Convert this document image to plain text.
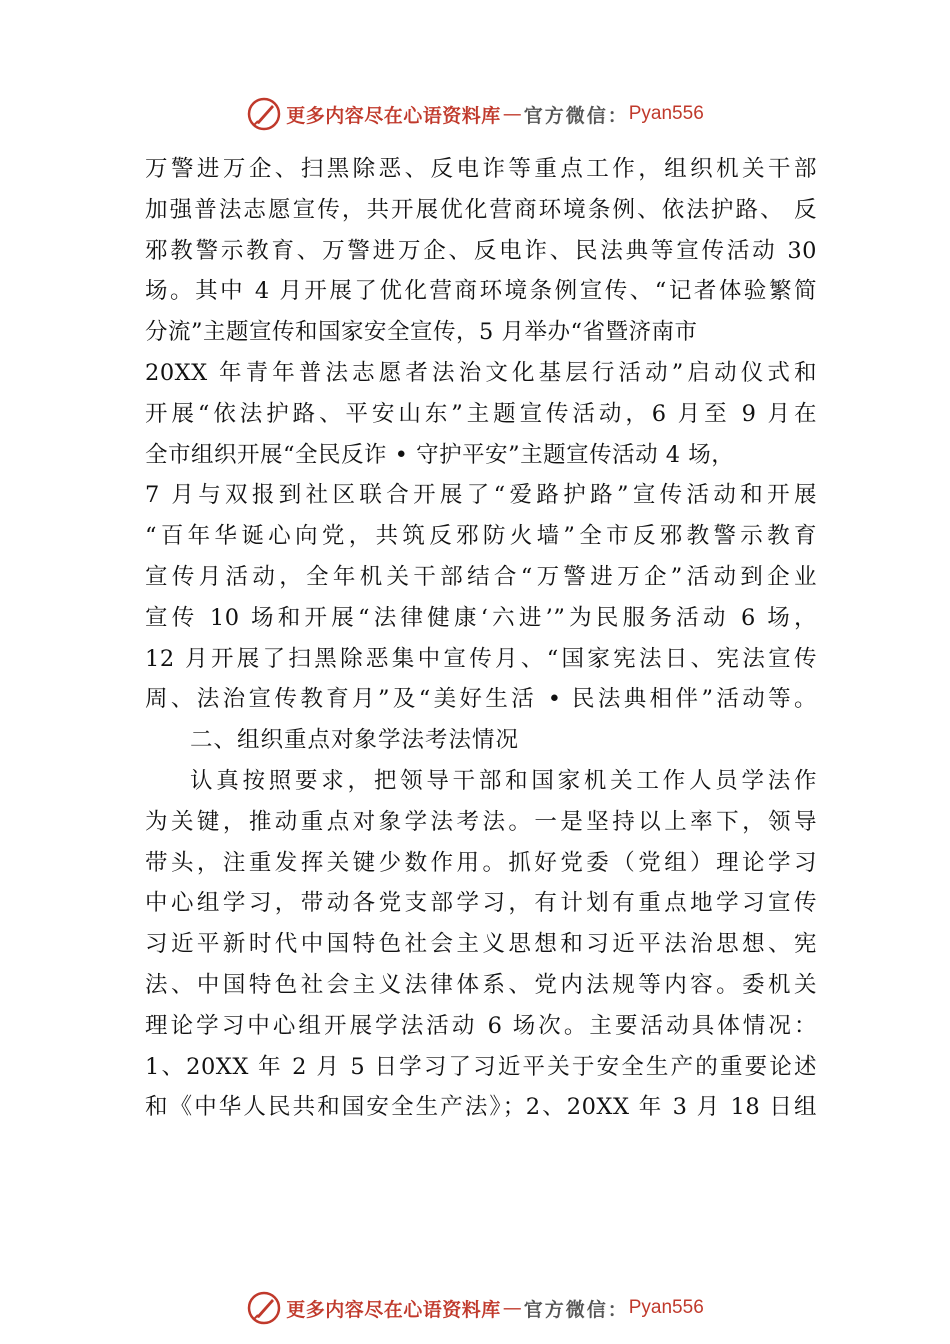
更多内容尽在心语资料库 — 官方微信： Pyan556
万警进万企、扫黑除恶、反电诈等重点工作，组织机关干部
加强普法志愿宣传，共开展优化营商环境条例、依法护路、 反
邪教警示教育、万警进万企、反电诈、民法典等宣传活动 30
场。其中 4 月开展了优化营商环境条例宣传、“记者体验繁简
分流”主题宣传和国家安全宣传，5 月举办“省暨济南市
20XX 年青年普法志愿者法治文化基层行活动”启动仪式和
开展“依法护路、平安山东”主题宣传活动，6 月至 9 月在
全市组织开展“全民反诈 • 守护平安”主题宣传活动 4 场，
7 月与双报到社区联合开展了“爱路护路”宣传活动和开展
“百年华诞心向党，共筑反邪防火墙”全市反邪教警示教育
宣传月活动，全年机关干部结合“万警进万企”活动到企业
宣传 10 场和开展“法律健康‘六进’”为民服务活动 6 场，
12 月开展了扫黑除恶集中宣传月、“国家宪法日、宪法宣传
周、法治宣传教育月”及“美好生活 • 民法典相伴”活动等。
二、组织重点对象学法考法情况
认真按照要求，把领导干部和国家机关工作人员学法作
为关键，推动重点对象学法考法。一是坚持以上率下，领导
带头，注重发挥关键少数作用。抓好党委（党组）理论学习
中心组学习，带动各党支部学习，有计划有重点地学习宣传
习近平新时代中国特色社会主义思想和习近平法治思想、宪
法、中国特色社会主义法律体系、党内法规等内容。委机关
理论学习中心组开展学法活动 6 场次。主要活动具体情况：
1、20XX 年 2 月 5 日学习了习近平关于安全生产的重要论述
和《中华人民共和国安全生产法》；2、20XX 年 3 月 18 日组
更多内容尽在心语资料库 — 官方微信： Pyan556
